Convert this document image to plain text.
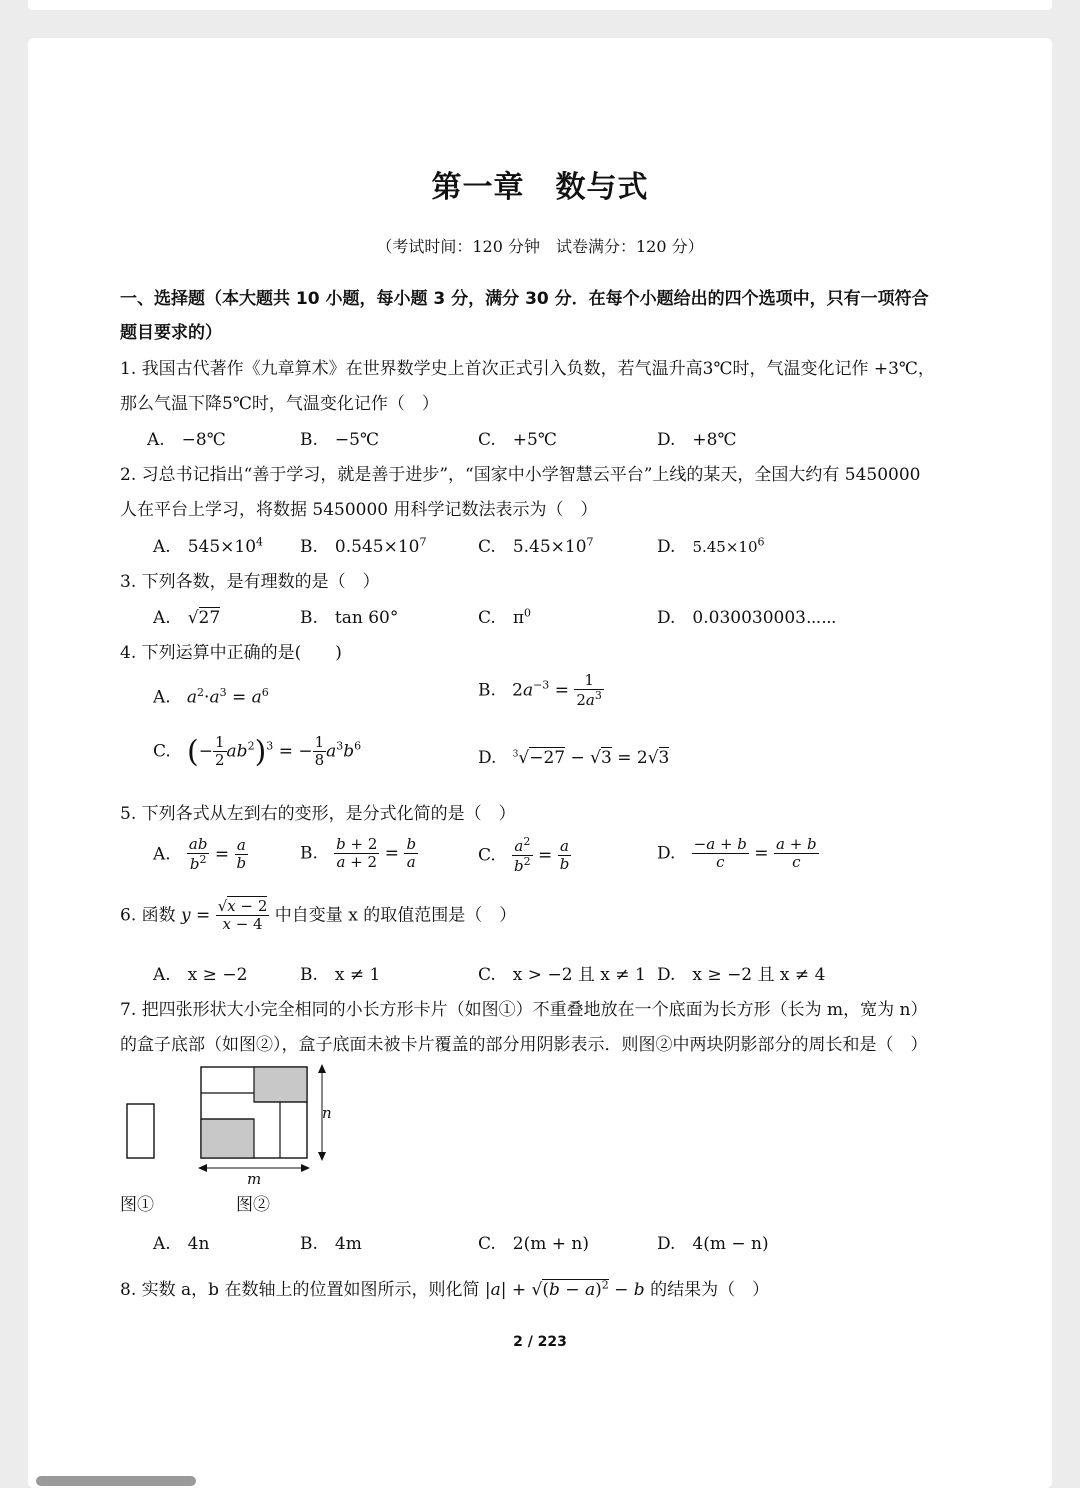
第一章　数与式
（考试时间：120 分钟　试卷满分：120 分）
一、选择题（本大题共 10 小题，每小题 3 分，满分 30 分．在每个小题给出的四个选项中，只有一项符合
题目要求的）
1. 我国古代著作《九章算术》在世界数学史上首次正式引入负数，若气温升高3℃时，气温变化记作 +3℃，
那么气温下降5℃时，气温变化记作（　）
A.　−8℃	B.　−5℃	C.　+5℃	D.　+8℃
2. 习总书记指出“善于学习，就是善于进步”，“国家中小学智慧云平台”上线的某天，全国大约有 5450000
人在平台上学习，将数据 5450000 用科学记数法表示为（　）
A.　$545\times 10^4$ B.　$0.545\times 10^7$	C.　$5.45\times 10^7$	D.　$5.45\times 10^6$
3. 下列各数，是有理数的是（　）
A.　√27	B.　tan 60°	C.　$\pi^0$	D.　0.030030003⋯⋯
4. 下列运算中正确的是(　　)
A. $a^2\cdot a^3 = a^6$	B.   $2a^{-3} = \frac{1}{2a^3}$
C. (− $\frac{1}{2} ab^2)^3$ = − $\frac{1}{8} a^3b^6$
D. $^3$√−27 − √3 = 2√3
5. 下列各式从左到右的变形，是分式化简的是（　）
A. $\frac{ab}{b^2} = \frac{a}{b}$	B. $\frac{b + 2}{a + 2} = \frac{b}{a}$	C. $\frac{a^2}{b^2} = \frac{a}{b}$	D. $\frac{-a + b}{c} = \frac{a + b}{c}$
6. 函数 $y = \frac{√x - 2}{x - 4}$ 中自变量 x 的取值范围是（　）
A.　x ≥ −2	B.　x ≠ 1	C.　x > −2 且 x ≠ 1 D.　x ≥ −2 且 x ≠ 4
7. 把四张形状大小完全相同的小长方形卡片（如图①）不重叠地放在一个底面为长方形（长为 m，宽为 n）
的盒子底部（如图②），盒子底面未被卡片覆盖的部分用阴影表示．则图②中两块阴影部分的周长和是（　）
n
m
图①	图②
A.　4n	B.　4m	C.　2(m + n)	D.　4(m − n)
8. 实数 a，b 在数轴上的位置如图所示，则化简 $|a| + √(b - a)^2 - b$ 的结果为（　）
2 / 223
